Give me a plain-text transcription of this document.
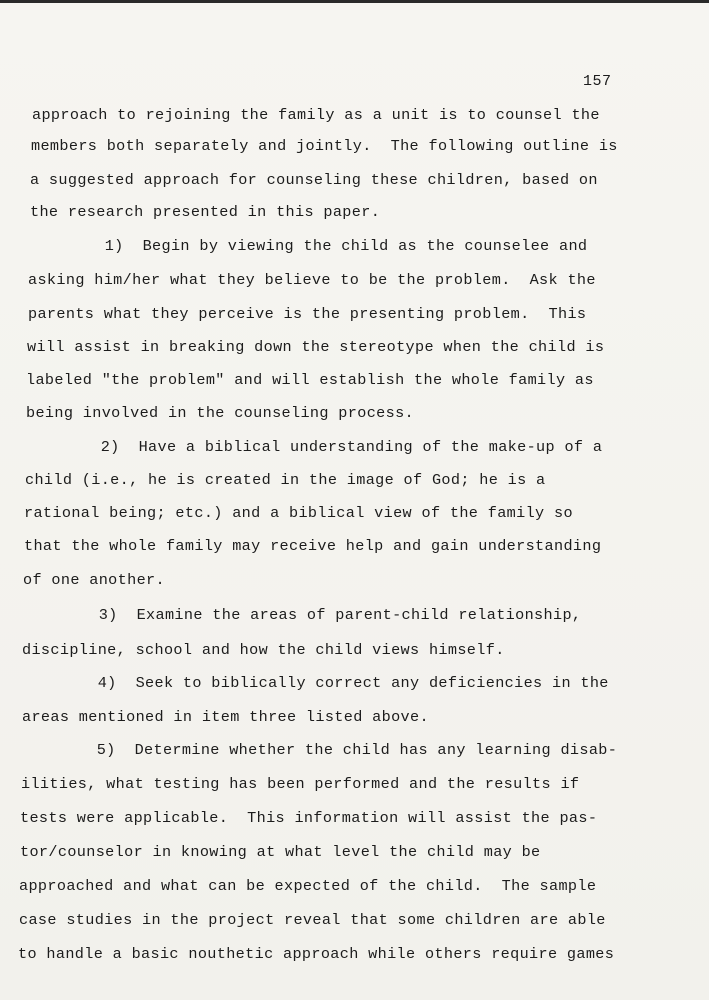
157
approach to rejoining the family as a unit is to counsel the
members both separately and jointly.  The following outline is
a suggested approach for counseling these children, based on
the research presented in this paper.
1)  Begin by viewing the child as the counselee and
asking him/her what they believe to be the problem.  Ask the
parents what they perceive is the presenting problem.  This
will assist in breaking down the stereotype when the child is
labeled "the problem" and will establish the whole family as
being involved in the counseling process.
2)  Have a biblical understanding of the make-up of a
child (i.e., he is created in the image of God; he is a
rational being; etc.) and a biblical view of the family so
that the whole family may receive help and gain understanding
of one another.
3)  Examine the areas of parent-child relationship,
discipline, school and how the child views himself.
4)  Seek to biblically correct any deficiencies in the
areas mentioned in item three listed above.
5)  Determine whether the child has any learning disab-
ilities, what testing has been performed and the results if
tests were applicable.  This information will assist the pas-
tor/counselor in knowing at what level the child may be
approached and what can be expected of the child.  The sample
case studies in the project reveal that some children are able
to handle a basic nouthetic approach while others require games
